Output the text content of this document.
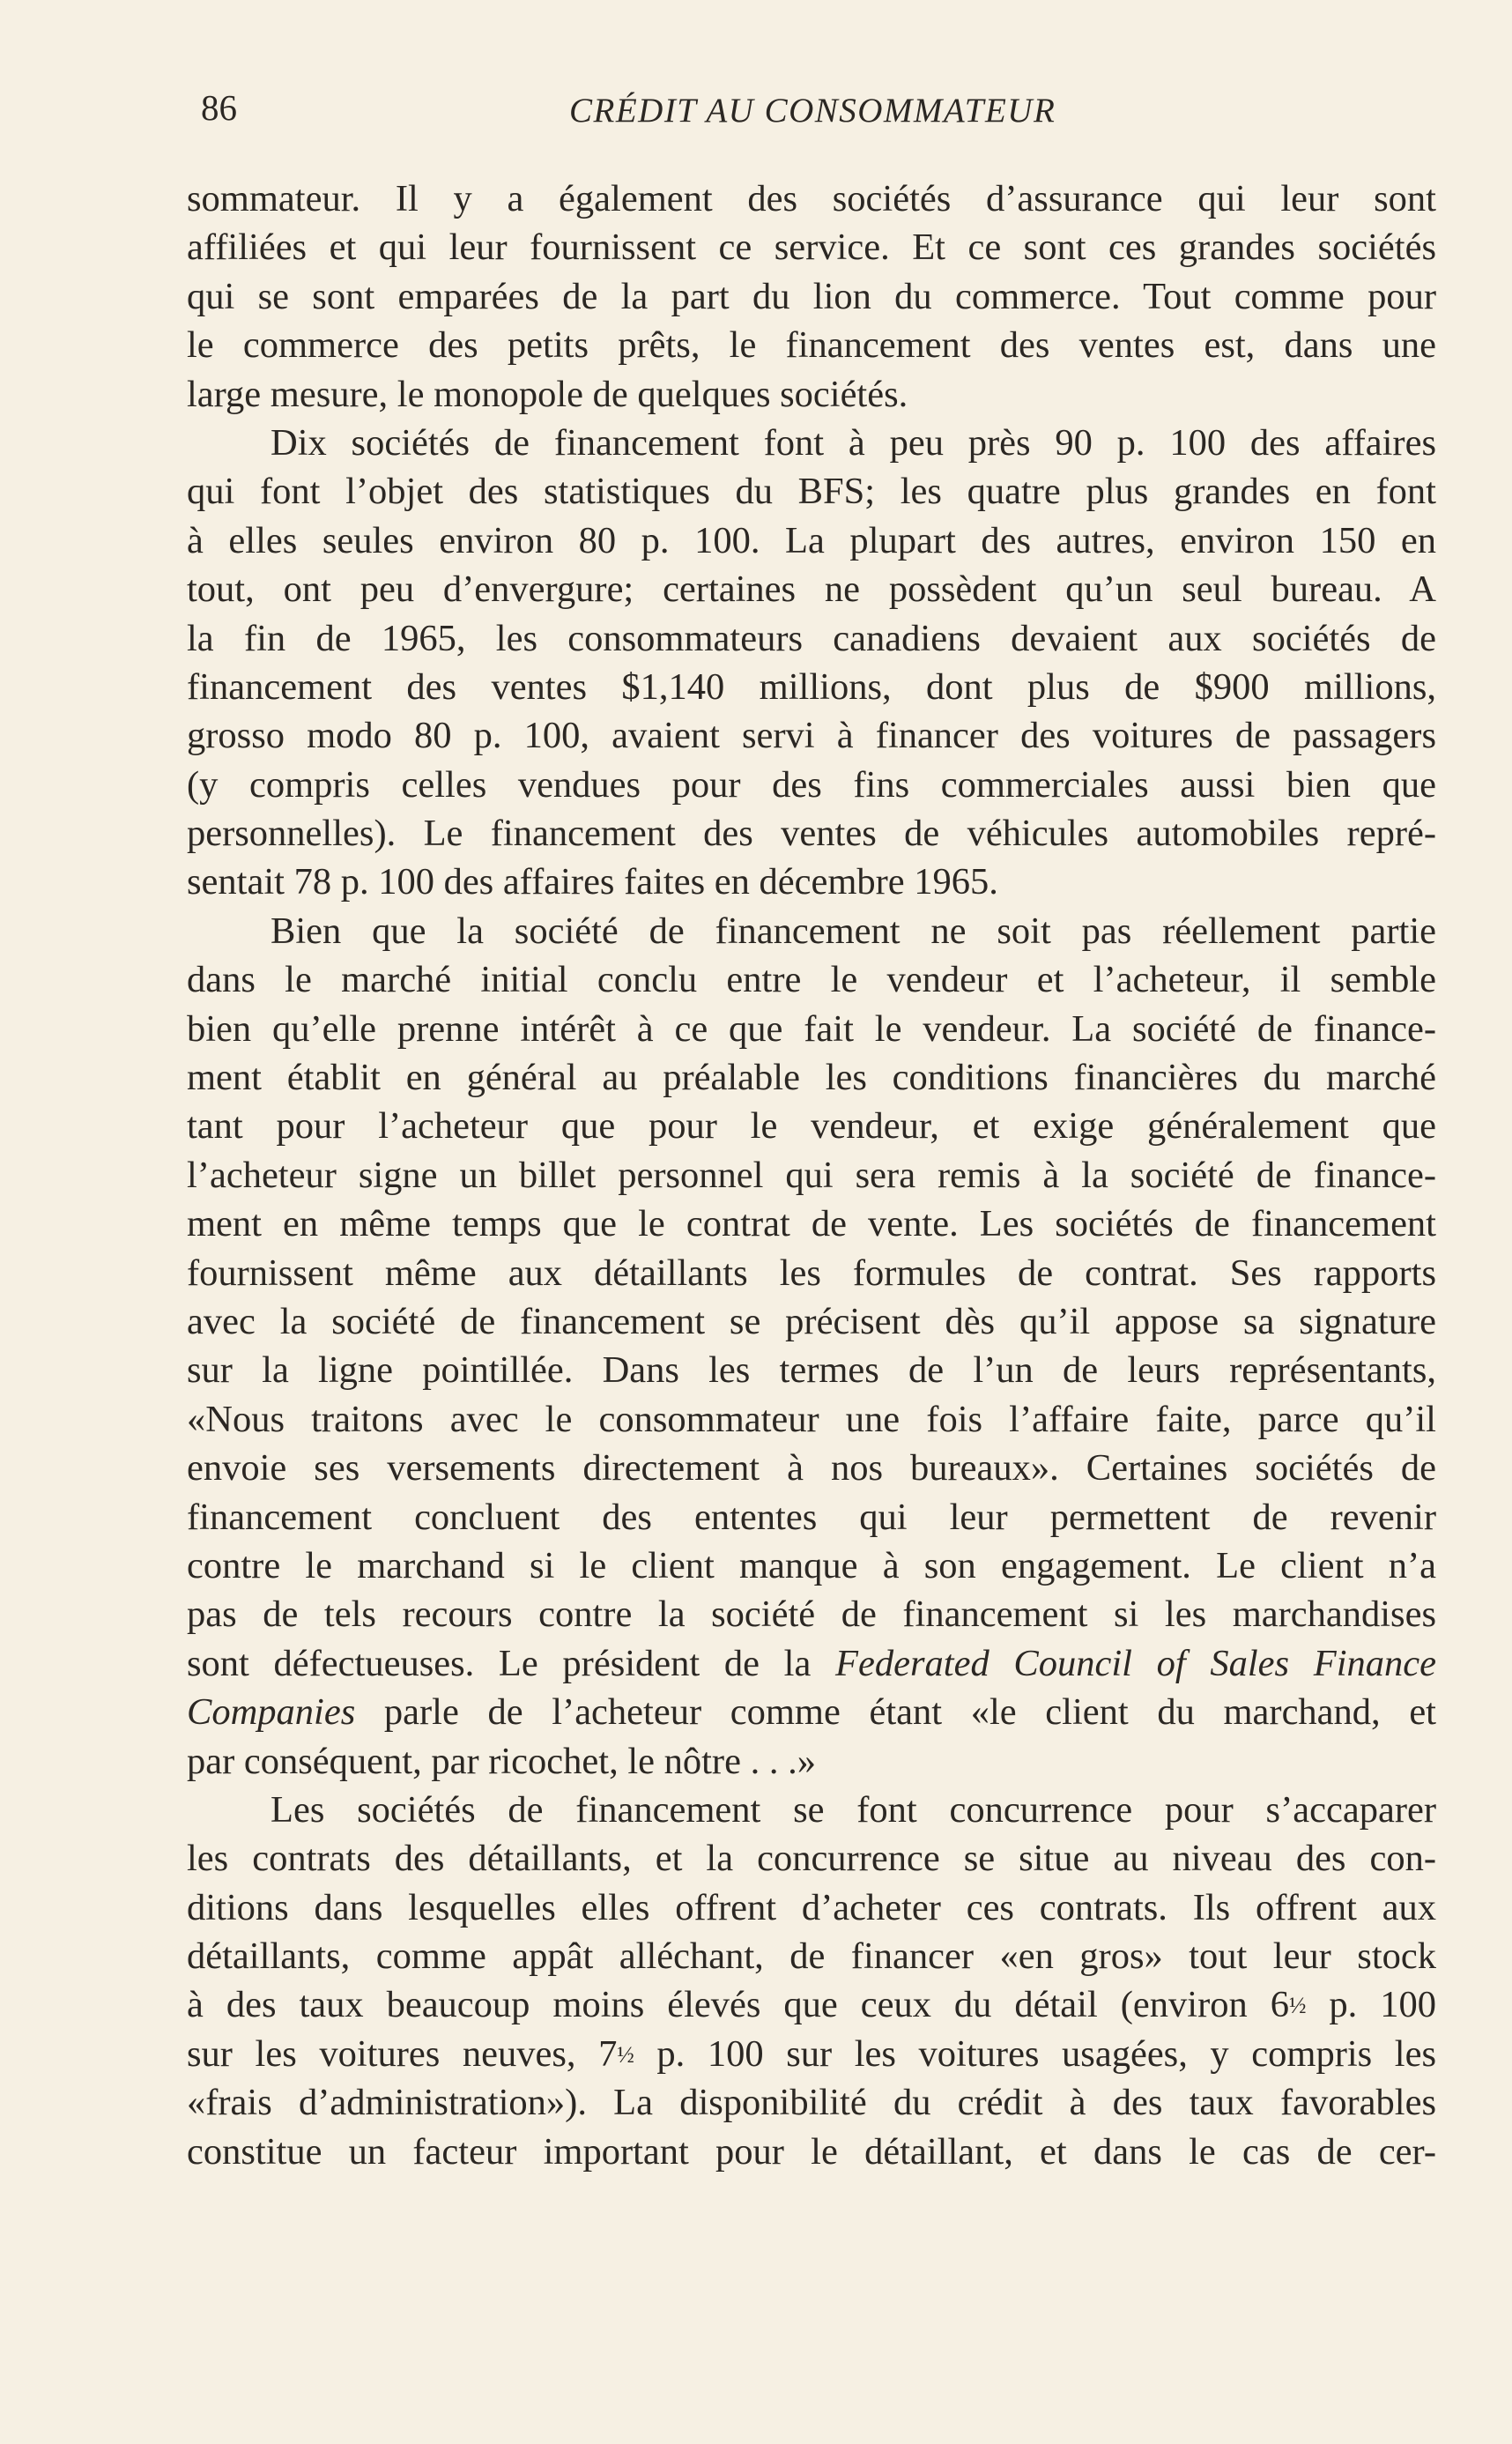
86	CRÉDIT AU CONSOMMATEUR
sommateur. Il y a également des sociétés d’assurance qui leur sont
affiliées et qui leur fournissent ce service. Et ce sont ces grandes sociétés
qui se sont emparées de la part du lion du commerce. Tout comme pour
le commerce des petits prêts, le financement des ventes est, dans une
large mesure, le monopole de quelques sociétés.
Dix sociétés de financement font à peu près 90 p. 100 des affaires
qui font l’objet des statistiques du BFS; les quatre plus grandes en font
à elles seules environ 80 p. 100. La plupart des autres, environ 150 en
tout, ont peu d’envergure; certaines ne possèdent qu’un seul bureau. A
la fin de 1965, les consommateurs canadiens devaient aux sociétés de
financement des ventes $1,140 millions, dont plus de $900 millions,
grosso modo 80 p. 100, avaient servi à financer des voitures de passagers
(y compris celles vendues pour des fins commerciales aussi bien que
personnelles). Le financement des ventes de véhicules automobiles repré-
sentait 78 p. 100 des affaires faites en décembre 1965.
Bien que la société de financement ne soit pas réellement partie
dans le marché initial conclu entre le vendeur et l’acheteur, il semble
bien qu’elle prenne intérêt à ce que fait le vendeur. La société de finance-
ment établit en général au préalable les conditions financières du marché
tant pour l’acheteur que pour le vendeur, et exige généralement que
l’acheteur signe un billet personnel qui sera remis à la société de finance-
ment en même temps que le contrat de vente. Les sociétés de financement
fournissent même aux détaillants les formules de contrat. Ses rapports
avec la société de financement se précisent dès qu’il appose sa signature
sur la ligne pointillée. Dans les termes de l’un de leurs représentants,
«Nous traitons avec le consommateur une fois l’affaire faite, parce qu’il
envoie ses versements directement à nos bureaux». Certaines sociétés de
financement concluent des ententes qui leur permettent de revenir
contre le marchand si le client manque à son engagement. Le client n’a
pas de tels recours contre la société de financement si les marchandises
sont défectueuses. Le président de la Federated Council of Sales Finance
Companies parle de l’acheteur comme étant «le client du marchand, et
par conséquent, par ricochet, le nôtre . . .»
Les sociétés de financement se font concurrence pour s’accaparer
les contrats des détaillants, et la concurrence se situe au niveau des con-
ditions dans lesquelles elles offrent d’acheter ces contrats. Ils offrent aux
détaillants, comme appât alléchant, de financer «en gros» tout leur stock
à des taux beaucoup moins élevés que ceux du détail (environ 6½ p. 100
sur les voitures neuves, 7½ p. 100 sur les voitures usagées, y compris les
«frais d’administration»). La disponibilité du crédit à des taux favorables
constitue un facteur important pour le détaillant, et dans le cas de cer-
